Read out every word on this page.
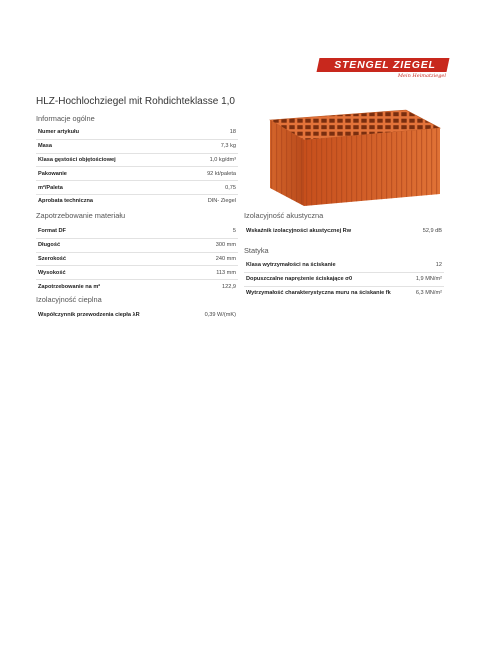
STENGEL ZIEGEL
Mein Heimatziegel
HLZ-Hochlochziegel mit Rohdichteklasse 1,0
Informacje ogólne
Numer artykułu	18
Masa	7,3 kg
Klasa gęstości objętościowej	1,0 kg/dm³
Pakowanie	92 kt/paleta
m²/Paleta	0,75
Aprobata techniczna	DIN- Ziegel
Zapotrzebowanie materiału
Format DF	5
Długość	300 mm
Szerokość	240 mm
Wysokość	113 mm
Zapotrzebowanie na m²	122,9
Izolacyjność cieplna
Współczynnik przewodzenia ciepła λR	0,39 W/(mK)
Izolacyjność akustyczna
Wskaźnik izolacyjności akustycznej Rw	52,9 dB
Statyka
Klasa wytrzymałości na ściskanie	12
Dopuszczalne naprężenie ściskające σ0	1,9 MN/m²
Wytrzymałość charakterystyczna muru na ściskanie fk	6,3 MN/m²
